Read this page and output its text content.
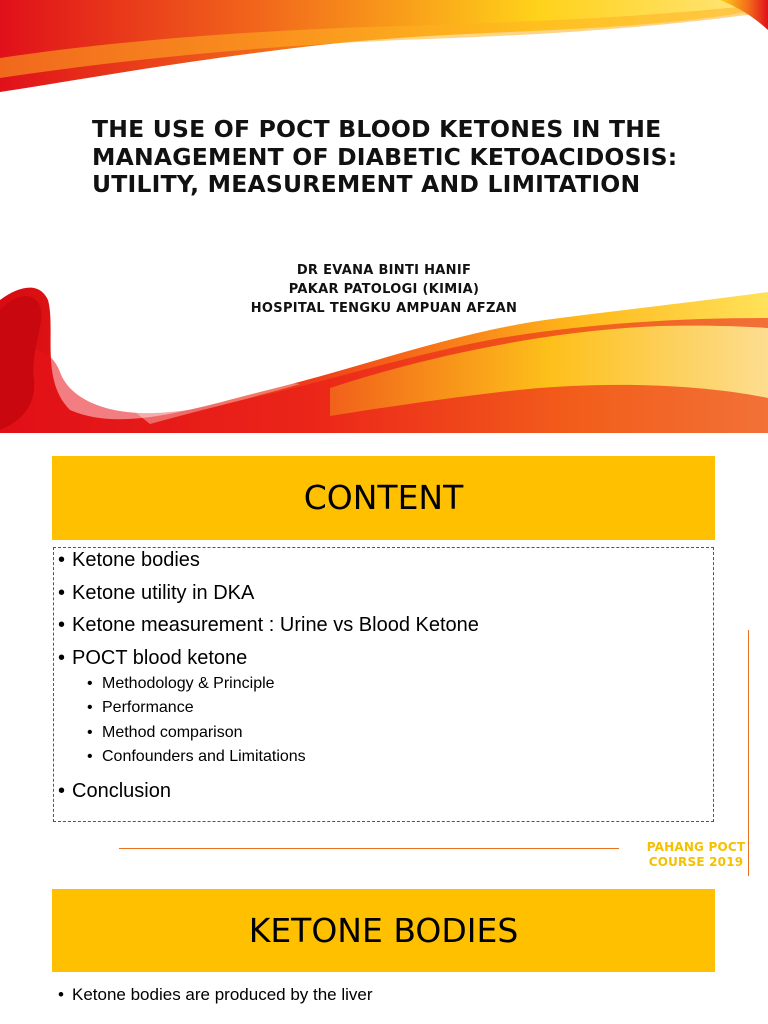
THE USE OF POCT BLOOD KETONES IN THE MANAGEMENT OF DIABETIC KETOACIDOSIS: UTILITY, MEASUREMENT AND LIMITATION
DR EVANA BINTI HANIF
PAKAR PATOLOGI (KIMIA)
HOSPITAL TENGKU AMPUAN AFZAN
CONTENT
• Ketone bodies
• Ketone utility in DKA
• Ketone measurement : Urine vs Blood Ketone
• POCT blood ketone
• Methodology & Principle
• Performance
• Method comparison
• Confounders and Limitations
• Conclusion
PAHANG POCT COURSE 2019
KETONE BODIES
• Ketone bodies are produced by the liver
